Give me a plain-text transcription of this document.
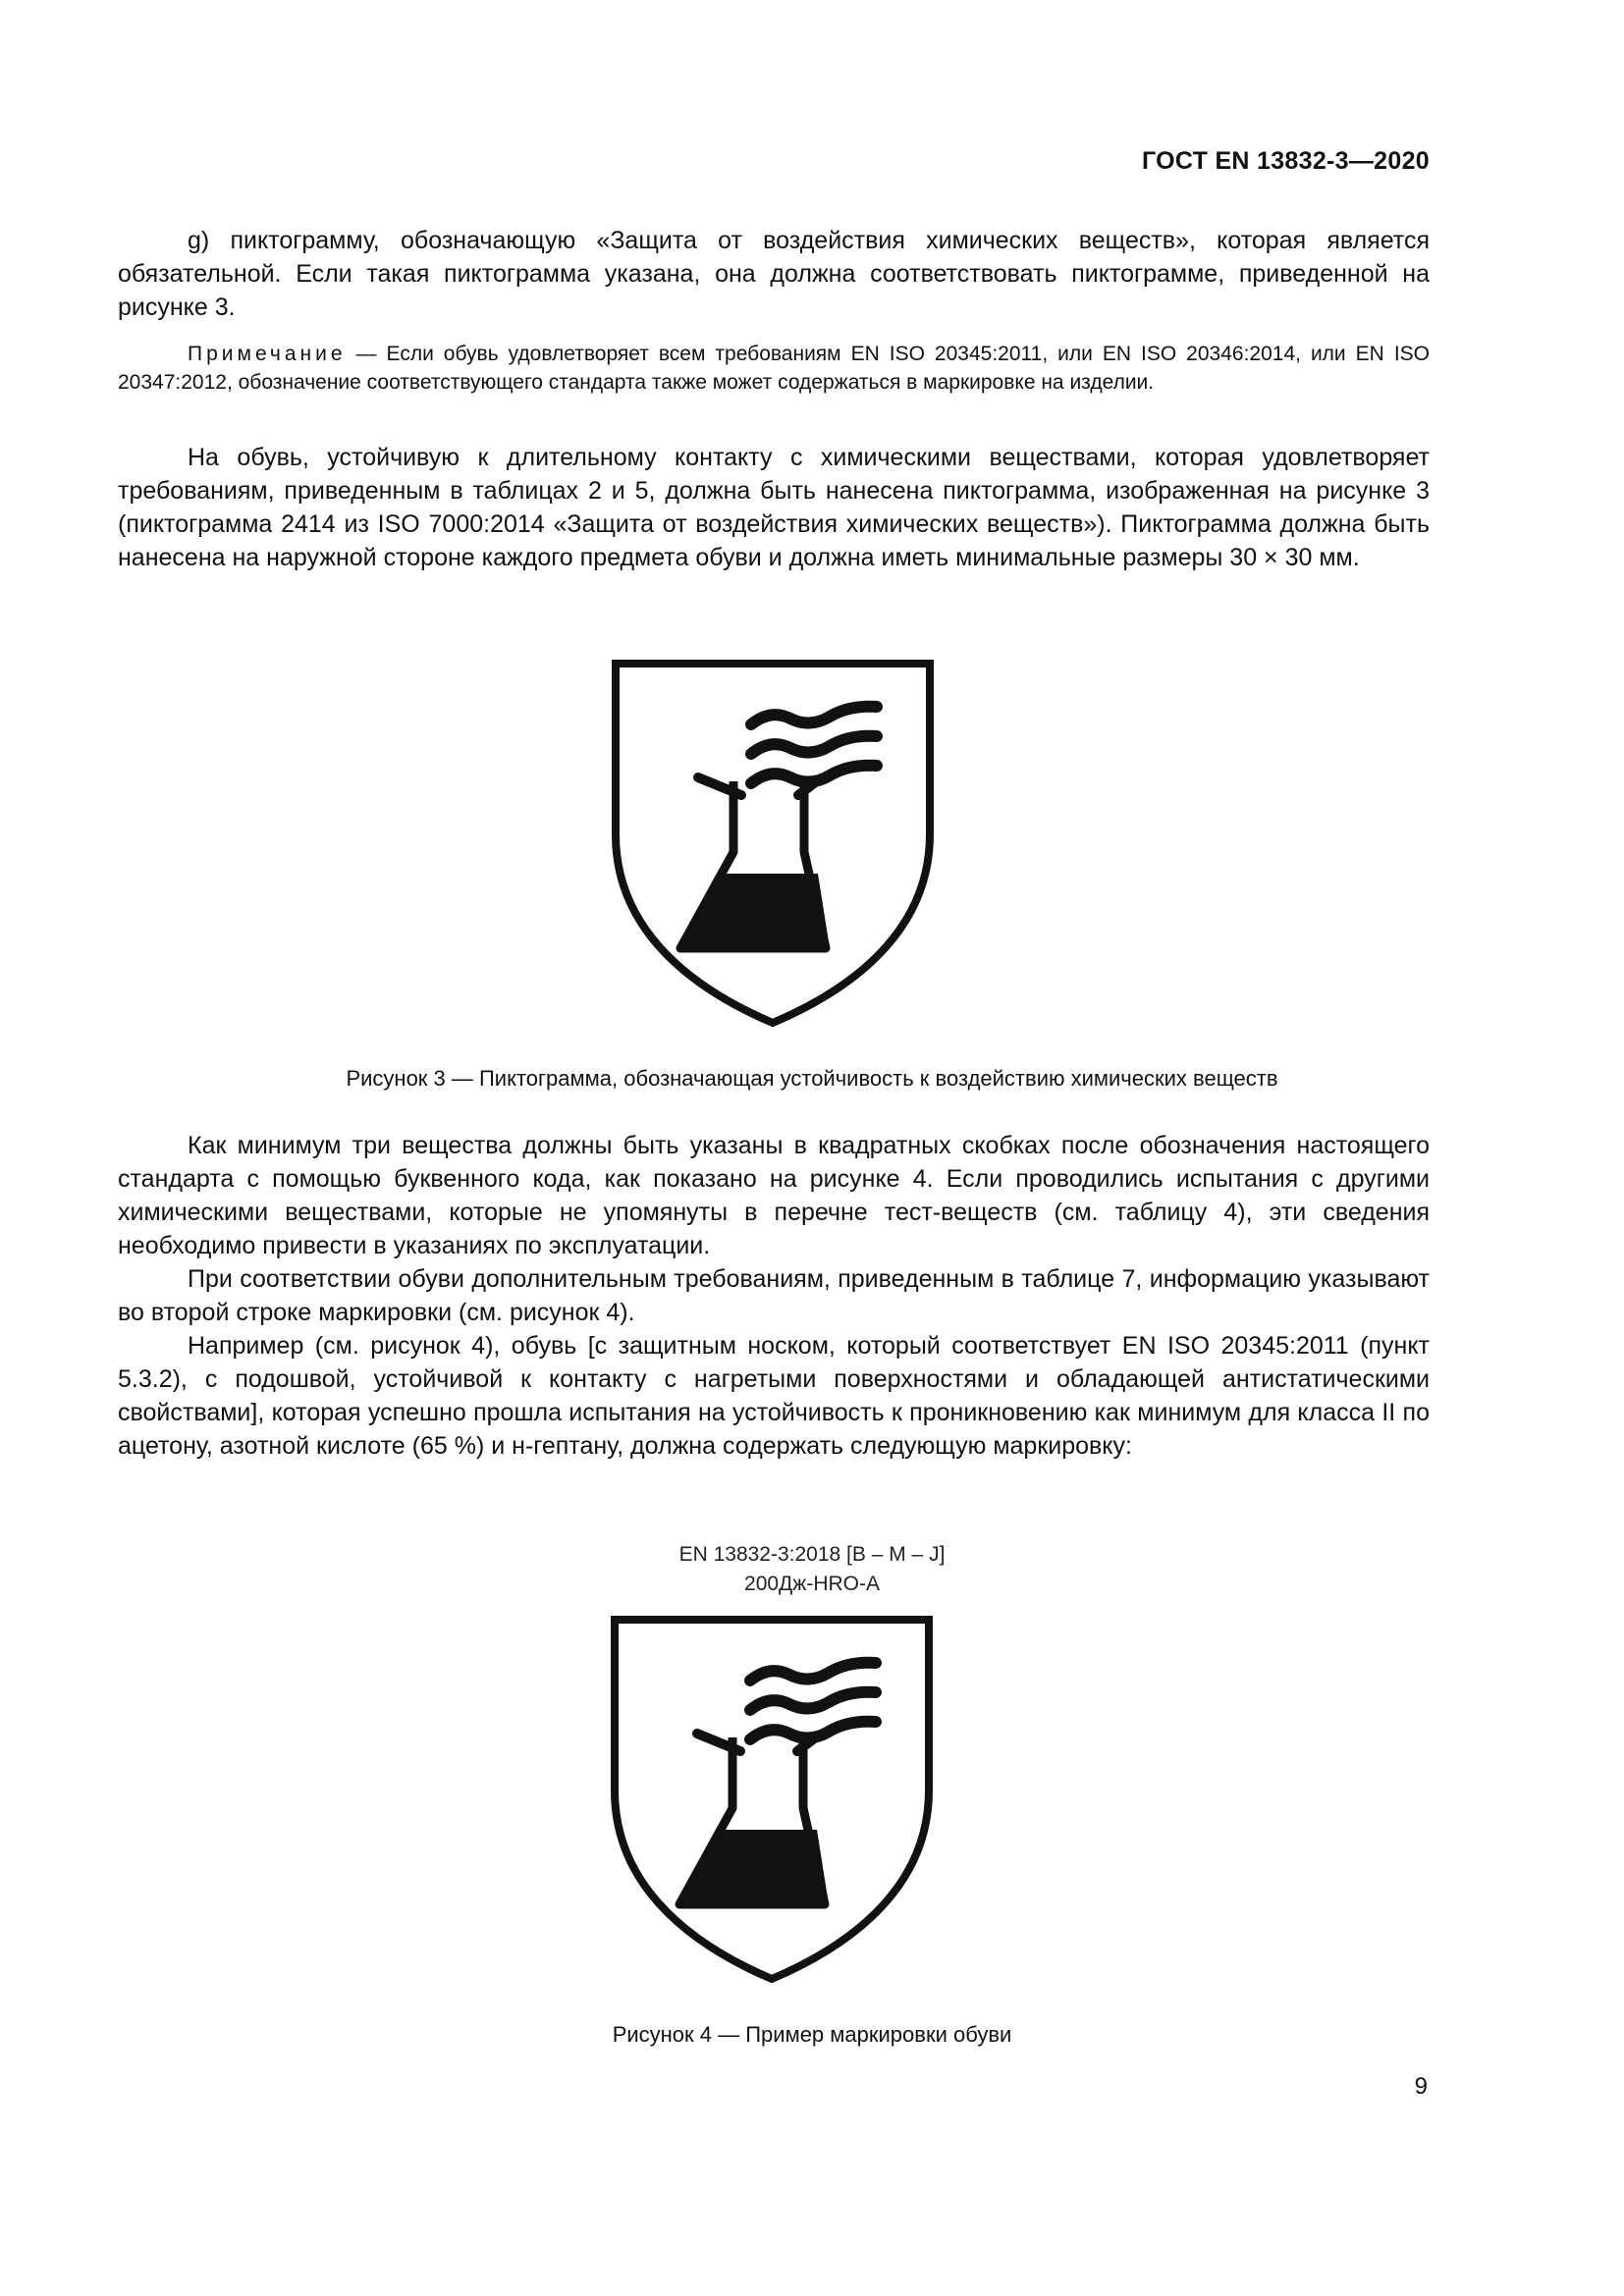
ГОСТ EN 13832-3—2020

g) пиктограмму, обозначающую «Защита от воздействия химических веществ», которая является обязательной. Если такая пиктограмма указана, она должна соответствовать пиктограмме, приведенной на рисунке 3.

Примечание — Если обувь удовлетворяет всем требованиям EN ISO 20345:2011, или EN ISO 20346:2014, или EN ISO 20347:2012, обозначение соответствующего стандарта также может содержаться в маркировке на изделии.

На обувь, устойчивую к длительному контакту с химическими веществами, которая удовлетворяет требованиям, приведенным в таблицах 2 и 5, должна быть нанесена пиктограмма, изображенная на рисунке 3 (пиктограмма 2414 из ISO 7000:2014 «Защита от воздействия химических веществ»). Пиктограмма должна быть нанесена на наружной стороне каждого предмета обуви и должна иметь минимальные размеры 30 × 30 мм.

Рисунок 3 — Пиктограмма, обозначающая устойчивость к воздействию химических веществ

Как минимум три вещества должны быть указаны в квадратных скобках после обозначения настоящего стандарта с помощью буквенного кода, как показано на рисунке 4. Если проводились испытания с другими химическими веществами, которые не упомянуты в перечне тест-веществ (см. таблицу 4), эти сведения необходимо привести в указаниях по эксплуатации.

При соответствии обуви дополнительным требованиям, приведенным в таблице 7, информацию указывают во второй строке маркировки (см. рисунок 4).

Например (см. рисунок 4), обувь [с защитным носком, который соответствует EN ISO 20345:2011 (пункт 5.3.2), с подошвой, устойчивой к контакту с нагретыми поверхностями и обладающей антистатическими свойствами], которая успешно прошла испытания на устойчивость к проникновению как минимум для класса II по ацетону, азотной кислоте (65 %) и н-гептану, должна содержать следующую маркировку:

EN 13832-3:2018 [B – M – J]
200Дж-HRO-A
Рисунок 4 — Пример маркировки обуви
9
